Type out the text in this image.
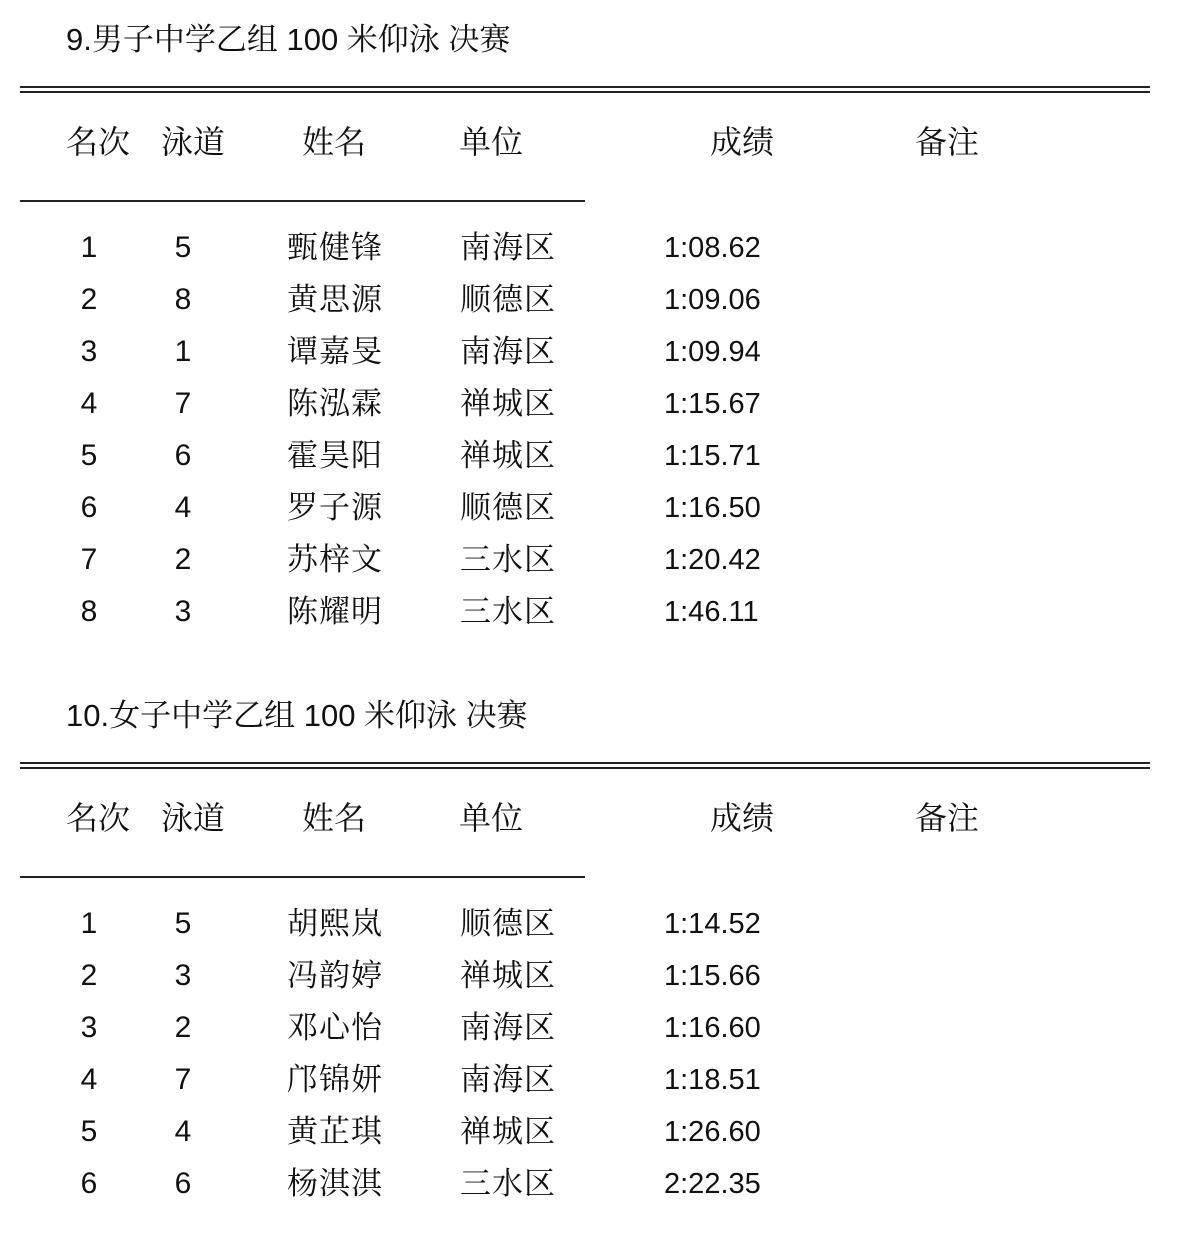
9.男子中学乙组 100 米仰泳 决赛
名次 泳道 姓名	单位	成绩	备注
1	5	甄健锋 南海区	1:08.62
2	8	黄思源 顺德区	1:09.06
3	1	谭嘉旻 南海区	1:09.94
4	7	陈泓霖 禅城区	1:15.67
5	6	霍昊阳 禅城区	1:15.71
6	4	罗子源 顺德区	1:16.50
7	2	苏梓文 三水区	1:20.42
8	3	陈耀明 三水区	1:46.11
10.女子中学乙组 100 米仰泳 决赛
名次 泳道 姓名	单位	成绩	备注
1	5	胡熙岚 顺德区	1:14.52
2	3	冯韵婷 禅城区	1:15.66
3	2	邓心怡 南海区	1:16.60
4	7	邝锦妍 南海区	1:18.51
5	4	黄芷琪 禅城区	1:26.60
6	6	杨淇淇 三水区	2:22.35
